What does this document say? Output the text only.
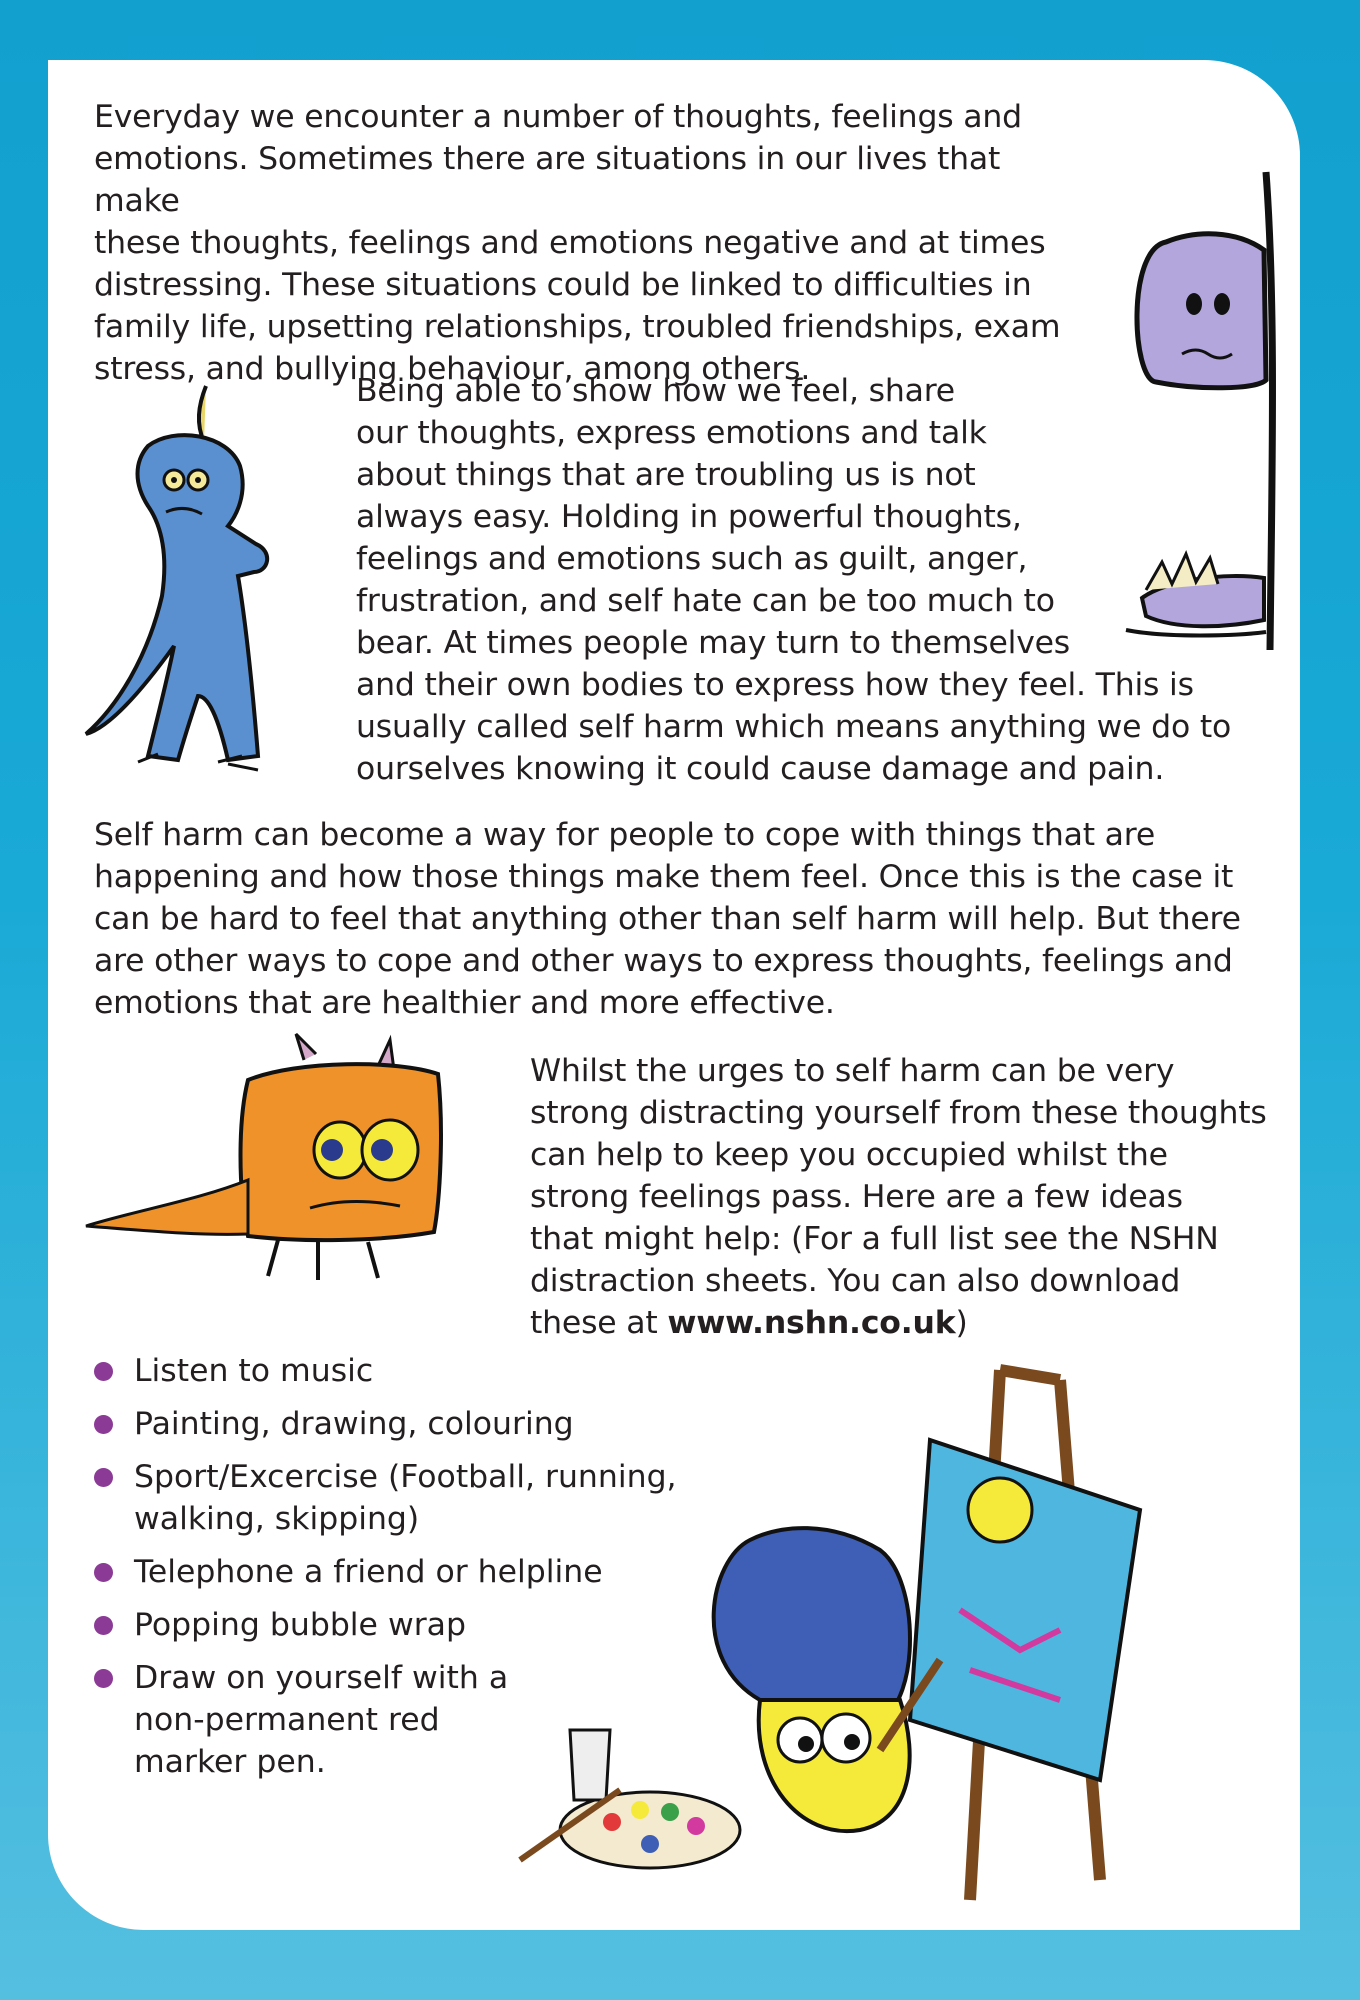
Everyday we encounter a number of thoughts, feelings and

emotions. Sometimes there are situations in our lives that make

these thoughts, feelings and emotions negative and at times

distressing. These situations could be linked to difficulties in

family life, upsetting relationships, troubled friendships, exam

stress, and bullying behaviour, among others.

Being able to show how we feel, share

our thoughts, express emotions and talk

about things that are troubling us is not

always easy. Holding in powerful thoughts,

feelings and emotions such as guilt, anger,

frustration, and self hate can be too much to

bear. At times people may turn to themselves

and their own bodies to express how they feel. This is

usually called self harm which means anything we do to

ourselves knowing it could cause damage and pain.

Self harm can become a way for people to cope with things that are

happening and how those things make them feel. Once this is the case it

can be hard to feel that anything other than self harm will help. But there

are other ways to cope and other ways to express thoughts, feelings and

emotions that are healthier and more effective.

Whilst the urges to self harm can be very

strong distracting yourself from these thoughts

can help to keep you occupied whilst the

strong feelings pass. Here are a few ideas

that might help: (For a full list see the NSHN

distraction sheets. You can also download

these at www.nshn.co.uk)

Listen to music
Painting, drawing, colouring
Sport/Excercise (Football, running,
walking, skipping)
Telephone a friend or helpline
Popping bubble wrap
Draw on yourself with a
non-permanent red
marker pen.
